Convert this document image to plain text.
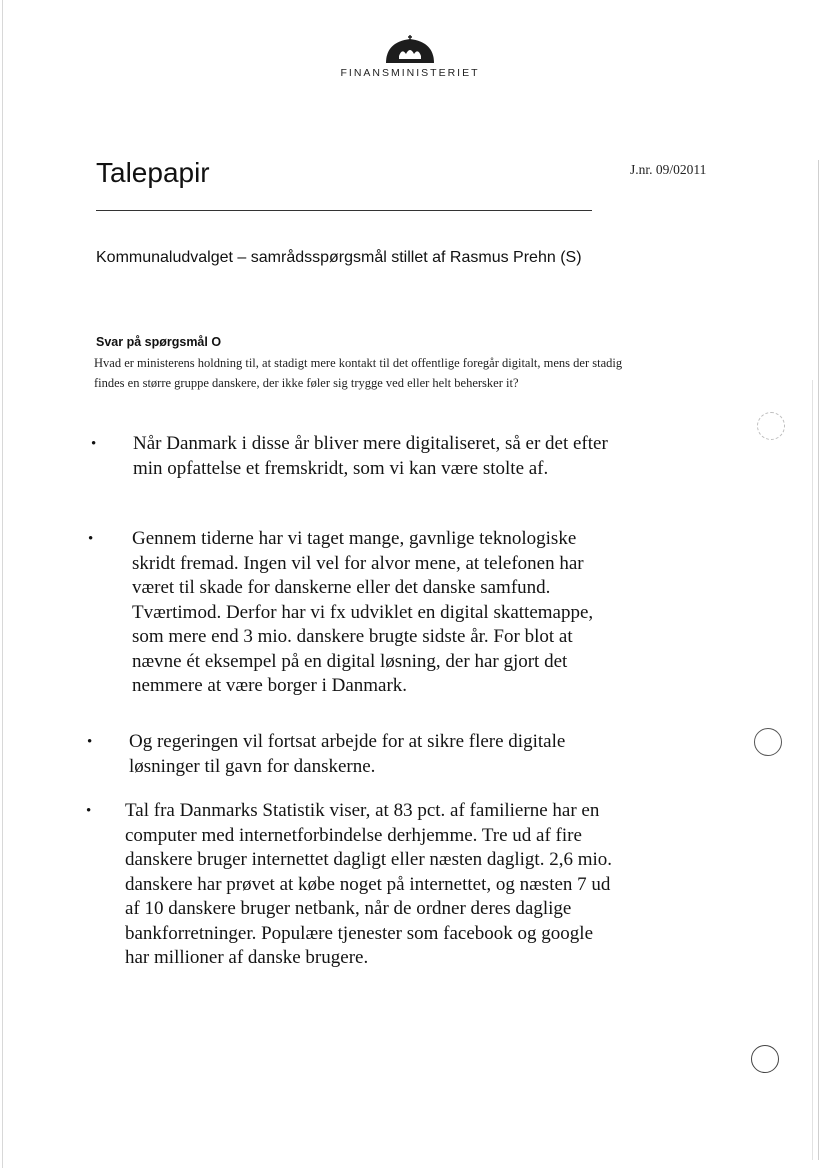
FINANSMINISTERIET
Talepapir	J.nr. 09/02011
Kommunaludvalget – samrådsspørgsmål stillet af Rasmus Prehn (S)
Svar på spørgsmål O
Hvad er ministerens holdning til, at stadigt mere kontakt til det offentlige foregår digitalt, mens der stadig findes en større gruppe danskere, der ikke føler sig trygge ved eller helt behersker it?
• Når Danmark i disse år bliver mere digitaliseret, så er det efter min opfattelse et fremskridt, som vi kan være stolte af.

• Gennem tiderne har vi taget mange, gavnlige teknologiske skridt fremad. Ingen vil vel for alvor mene, at telefonen har været til skade for danskerne eller det danske samfund. Tværtimod. Derfor har vi fx udviklet en digital skattemappe, som mere end 3 mio. danskere brugte sidste år. For blot at nævne ét eksempel på en digital løsning, der har gjort det nemmere at være borger i Danmark.

• Og regeringen vil fortsat arbejde for at sikre flere digitale løsninger til gavn for danskerne.

• Tal fra Danmarks Statistik viser, at 83 pct. af familierne har en computer med internetforbindelse derhjemme. Tre ud af fire danskere bruger internettet dagligt eller næsten dagligt. 2,6 mio. danskere har prøvet at købe noget på internettet, og næsten 7 ud af 10 danskere bruger netbank, når de ordner deres daglige bankforretninger. Populære tjenester som facebook og google har millioner af danske brugere.
